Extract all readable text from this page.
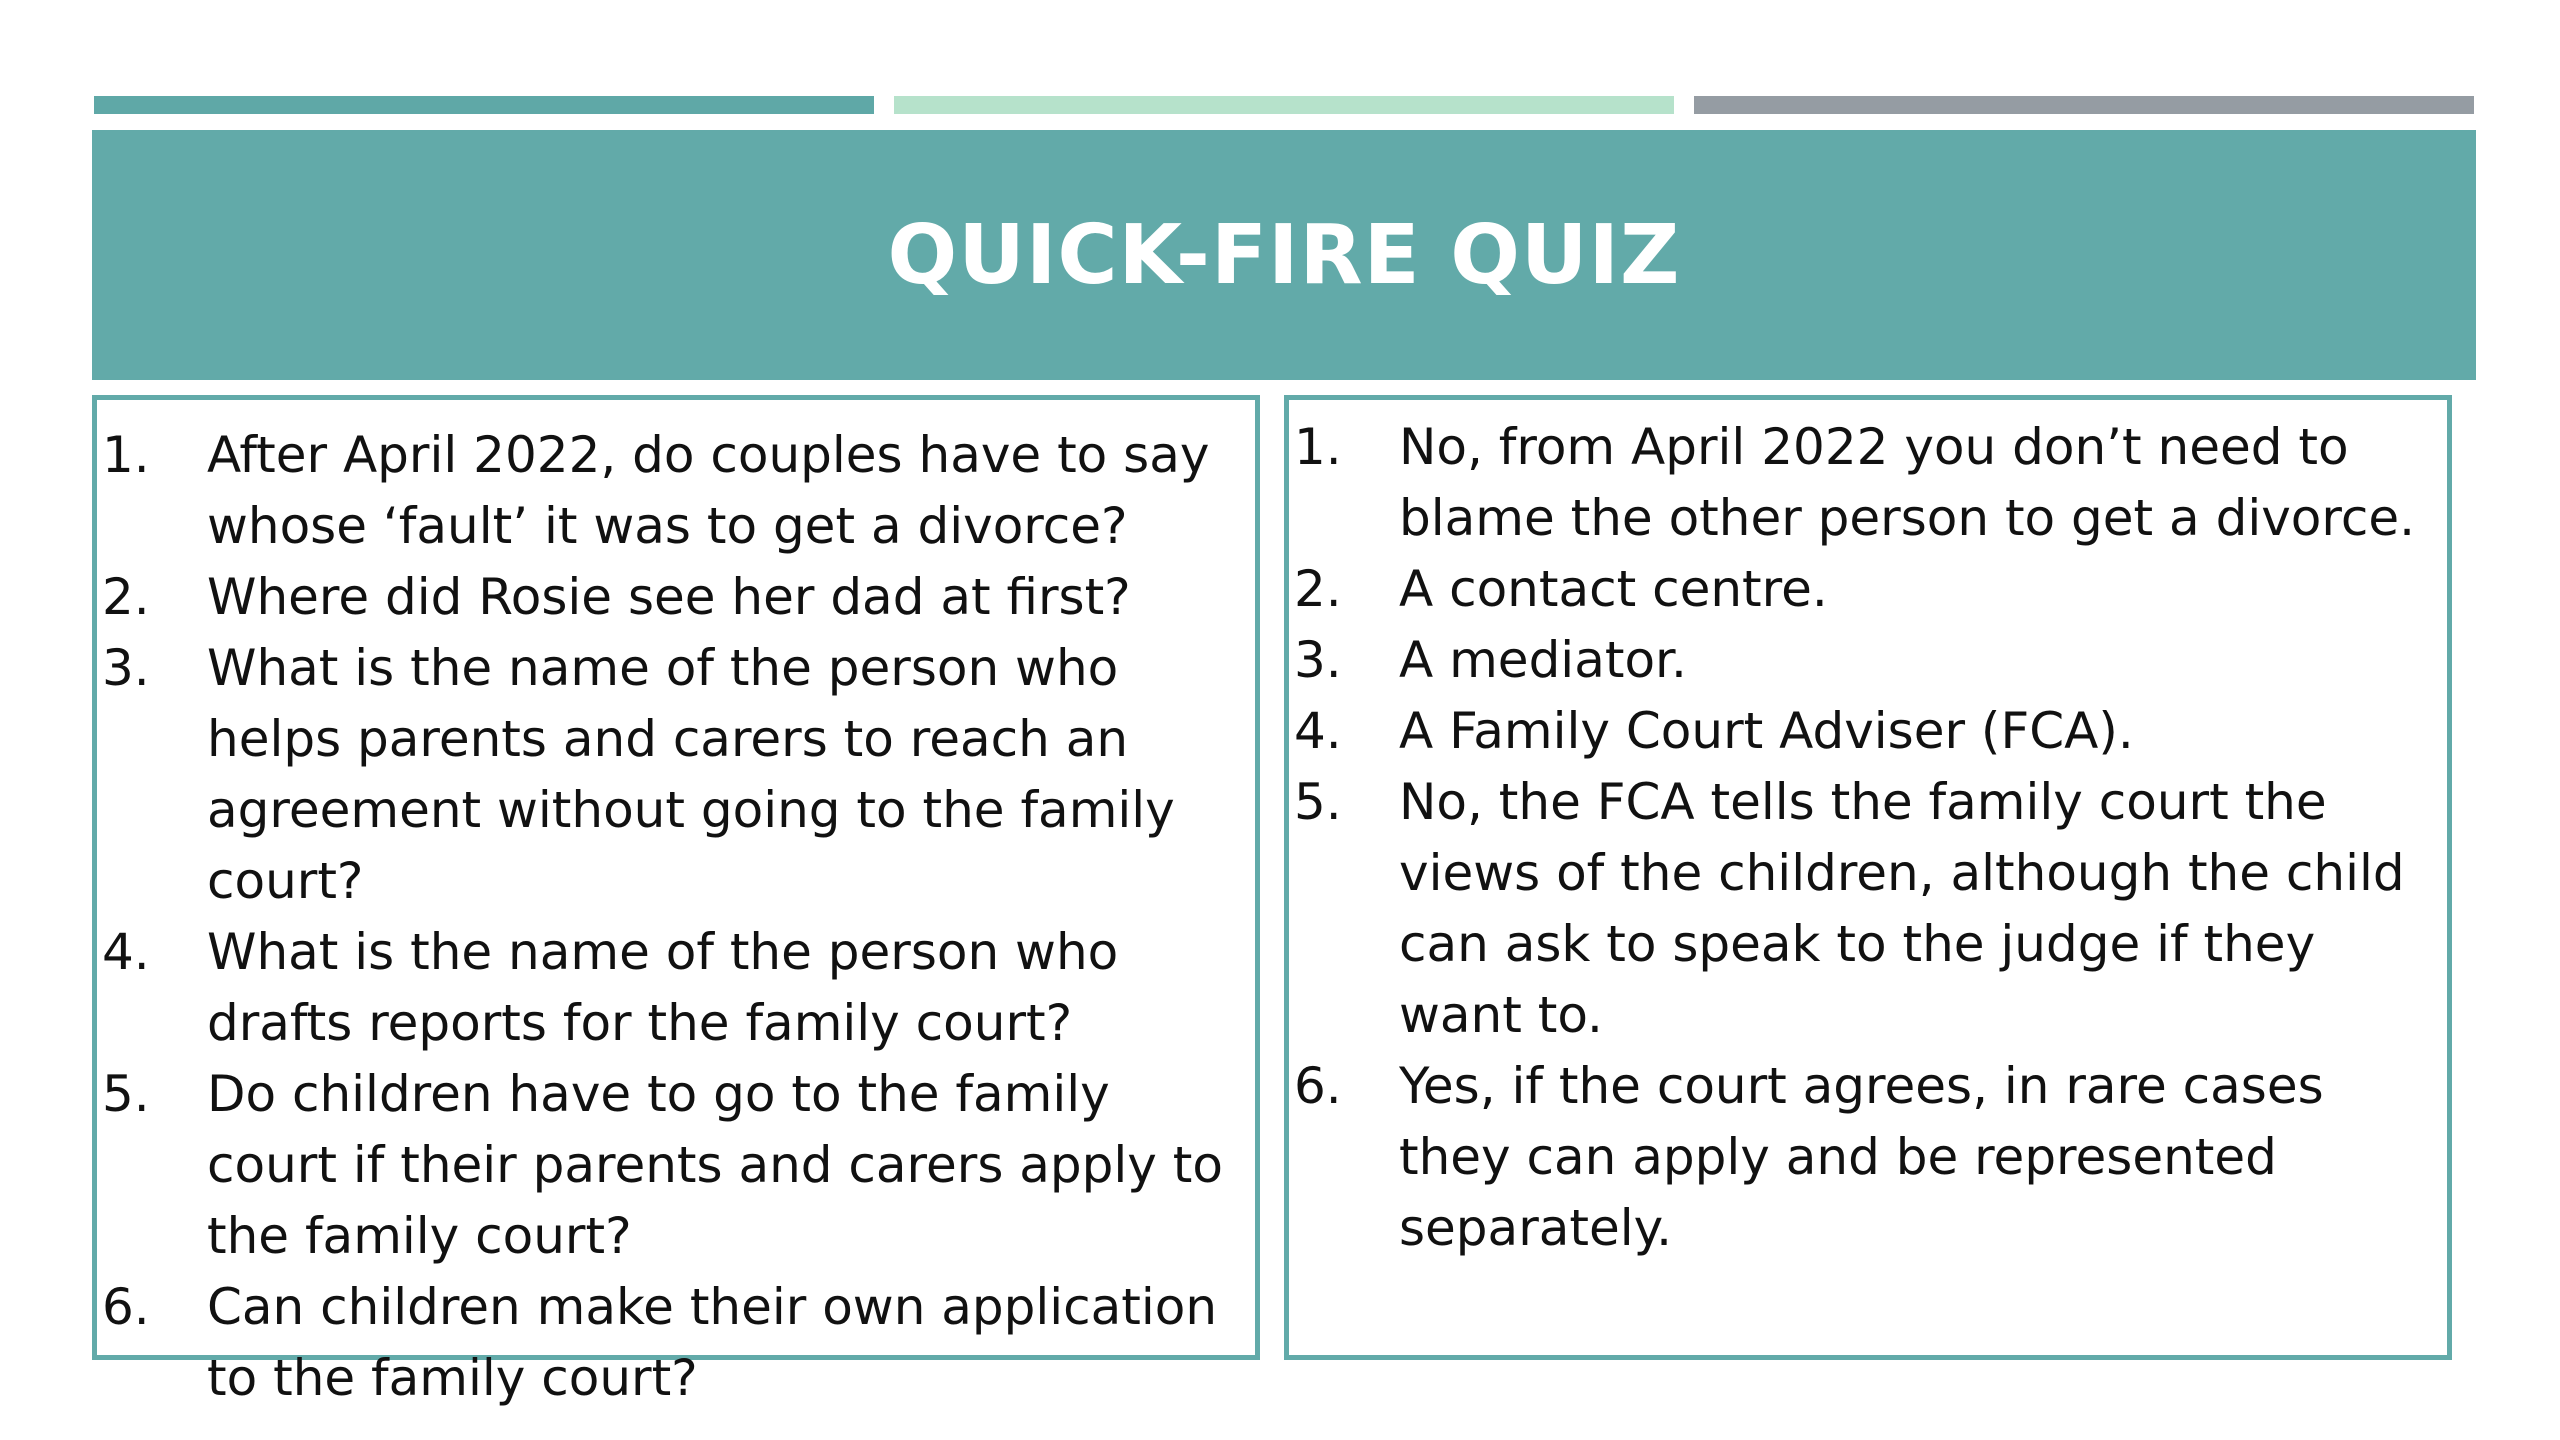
QUICK-FIRE QUIZ
1. After April 2022, do couples have to say whose ‘fault’ it was to get a divorce?
2. Where did Rosie see her dad at first?
3. What is the name of the person who helps parents and carers to reach an agreement without going to the family court?
4. What is the name of the person who drafts reports for the family court?
5. Do children have to go to the family court if their parents and carers apply to the family court?
6. Can children make their own application to the family court?
1. No, from April 2022 you don’t need to blame the other person to get a divorce.
2. A contact centre.
3. A mediator.
4. A Family Court Adviser (FCA).
5. No, the FCA tells the family court the views of the children, although the child can ask to speak to the judge if they want to.
6. Yes, if the court agrees, in rare cases they can apply and be represented separately.
